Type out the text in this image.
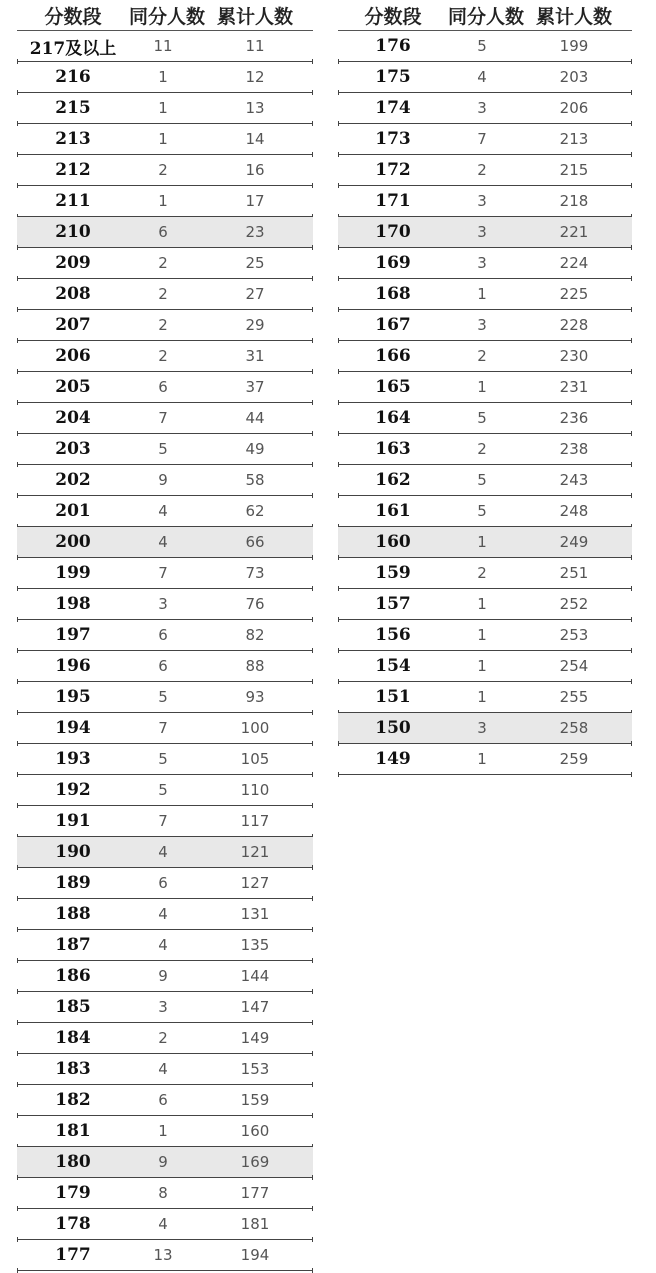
分数段	同分人数 累计人数
217及以上	11	11
216	1	12
215	1	13
213	1	14
212	2	16
211	1	17
210	6	23
209	2	25
208	2	27
207	2	29
206	2	31
205	6	37
204	7	44
203	5	49
202	9	58
201	4	62
200	4	66
199	7	73
198	3	76
197	6	82
196	6	88
195	5	93
194	7	100
193	5	105
192	5	110
191	7	117
190	4	121
189	6	127
188	4	131
187	4	135
186	9	144
185	3	147
184	2	149
183	4	153
182	6	159
181	1	160
180	9	169
179	8	177
178	4	181
177	13	194
分数段	同分人数 累计人数
176	5	199
175	4	203
174	3	206
173	7	213
172	2	215
171	3	218
170	3	221
169	3	224
168	1	225
167	3	228
166	2	230
165	1	231
164	5	236
163	2	238
162	5	243
161	5	248
160	1	249
159	2	251
157	1	252
156	1	253
154	1	254
151	1	255
150	3	258
149	1	259
